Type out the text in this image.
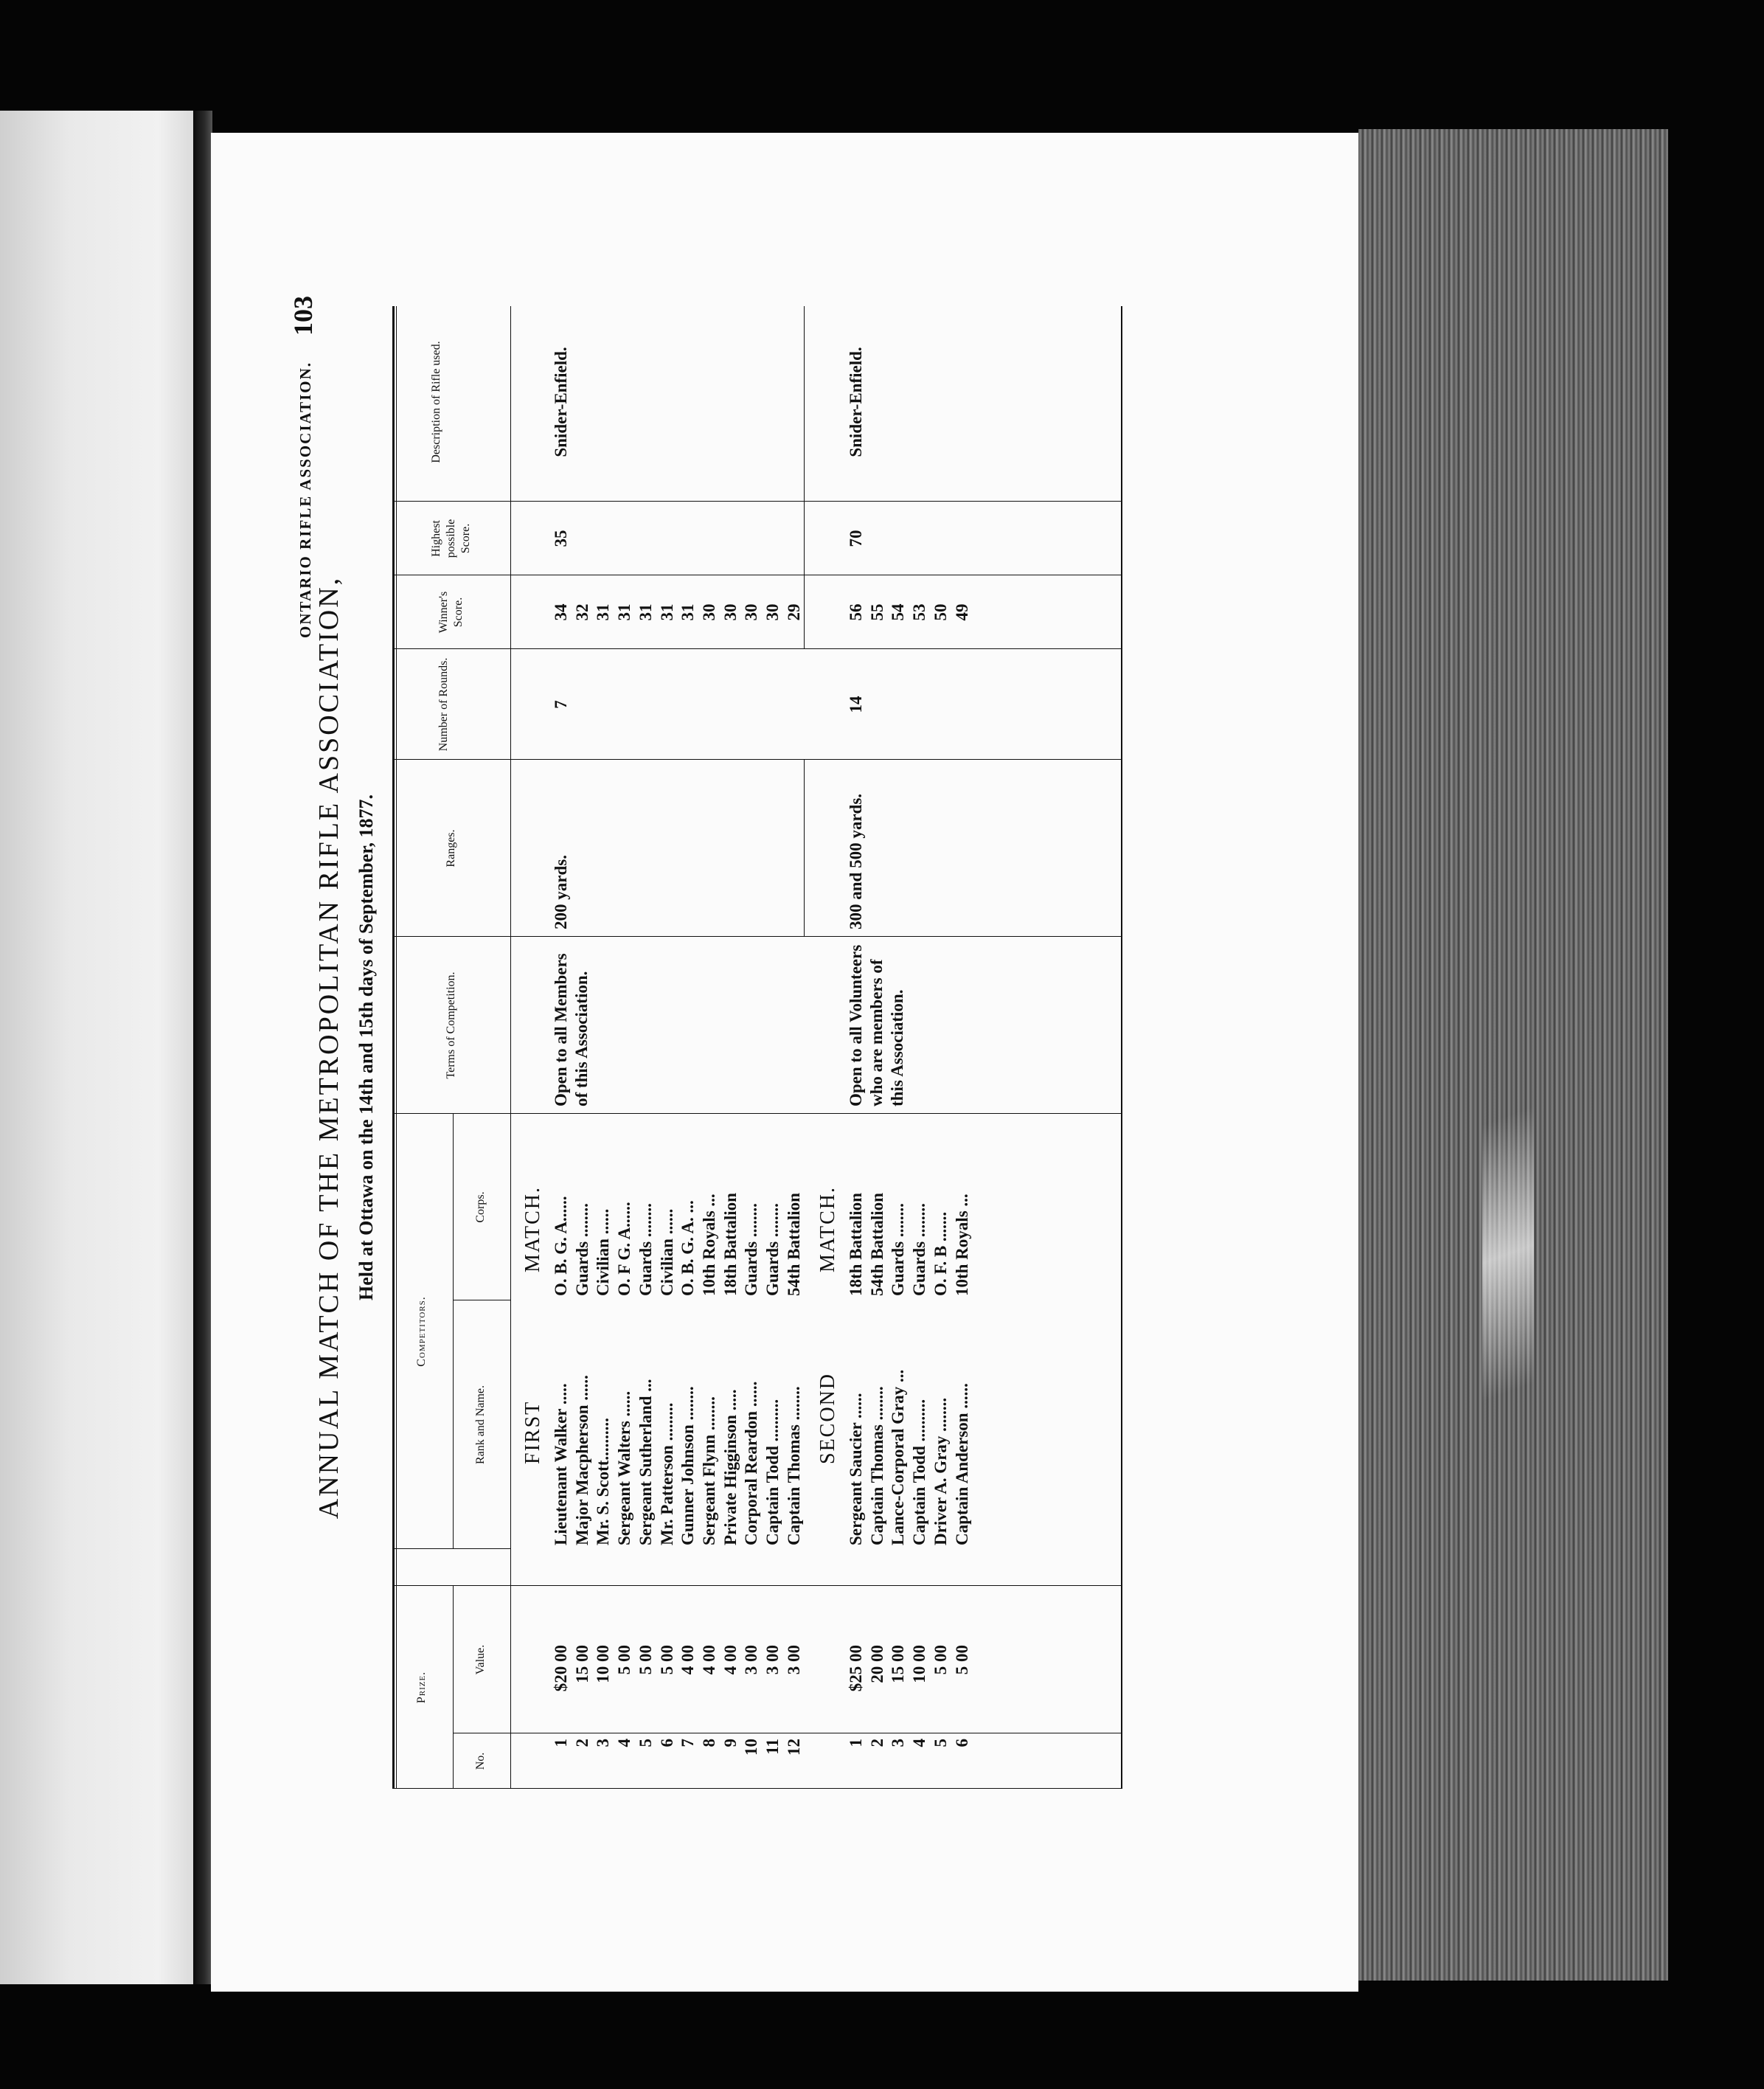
ONTARIO RIFLE ASSOCIATION.
103
ANNUAL MATCH OF THE METROPOLITAN RIFLE ASSOCIATION, Held at Ottawa on the 14th and 15th days of September, 1877.
Prize.
No.
Value.
Competitors.
Rank and Name.
Corps.
Terms of Competition.
Ranges.
Number of Rounds.
Winner's Score.
Highest possible Score.
Description of Rifle used.
FIRST
MATCH.
1 2 3 4 5 6 7 8 9 10 11 12
$20 00 15 00 10 00 5 00 5 00 5 00 4 00 4 00 4 00 3 00 3 00 3 00
Lieutenant Walker ..... Major Macpherson ...... Mr. S. Scott.......... Sergeant Walters ...... Sergeant Sutherland ... Mr. Patterson ......... Gunner Johnson ........ Sergeant Flynn ........ Private Higginson ..... Corporal Reardon ...... Captain Todd .......... Captain Thomas ........
O. B. G. A...... Guards ........ Civilian ...... O. F G. A...... Guards ........ Civilian ...... O. B. G. A. ... 10th Royals ... 18th Battalion Guards ........ Guards ........ 54th Battalion
Open to all Members of this Association.
200 yards.
7
34 32 31 31 31 31 31 30 30 30 30 29
35
Snider-Enfield.
SECOND
MATCH.
1 2 3 4 5 6
$25 00 20 00 15 00 10 00 5 00 5 00
Sergeant Saucier ...... Captain Thomas ........ Lance-Corporal Gray ... Captain Todd .......... Driver A. Gray ........ Captain Anderson ......
18th Battalion 54th Battalion Guards ........ Guards ........ O. F. B ....... 10th Royals ...
Open to all Volunteers who are members of this Association.
300 and 500 yards.
14
56 55 54 53 50 49
70
Snider-Enfield.
